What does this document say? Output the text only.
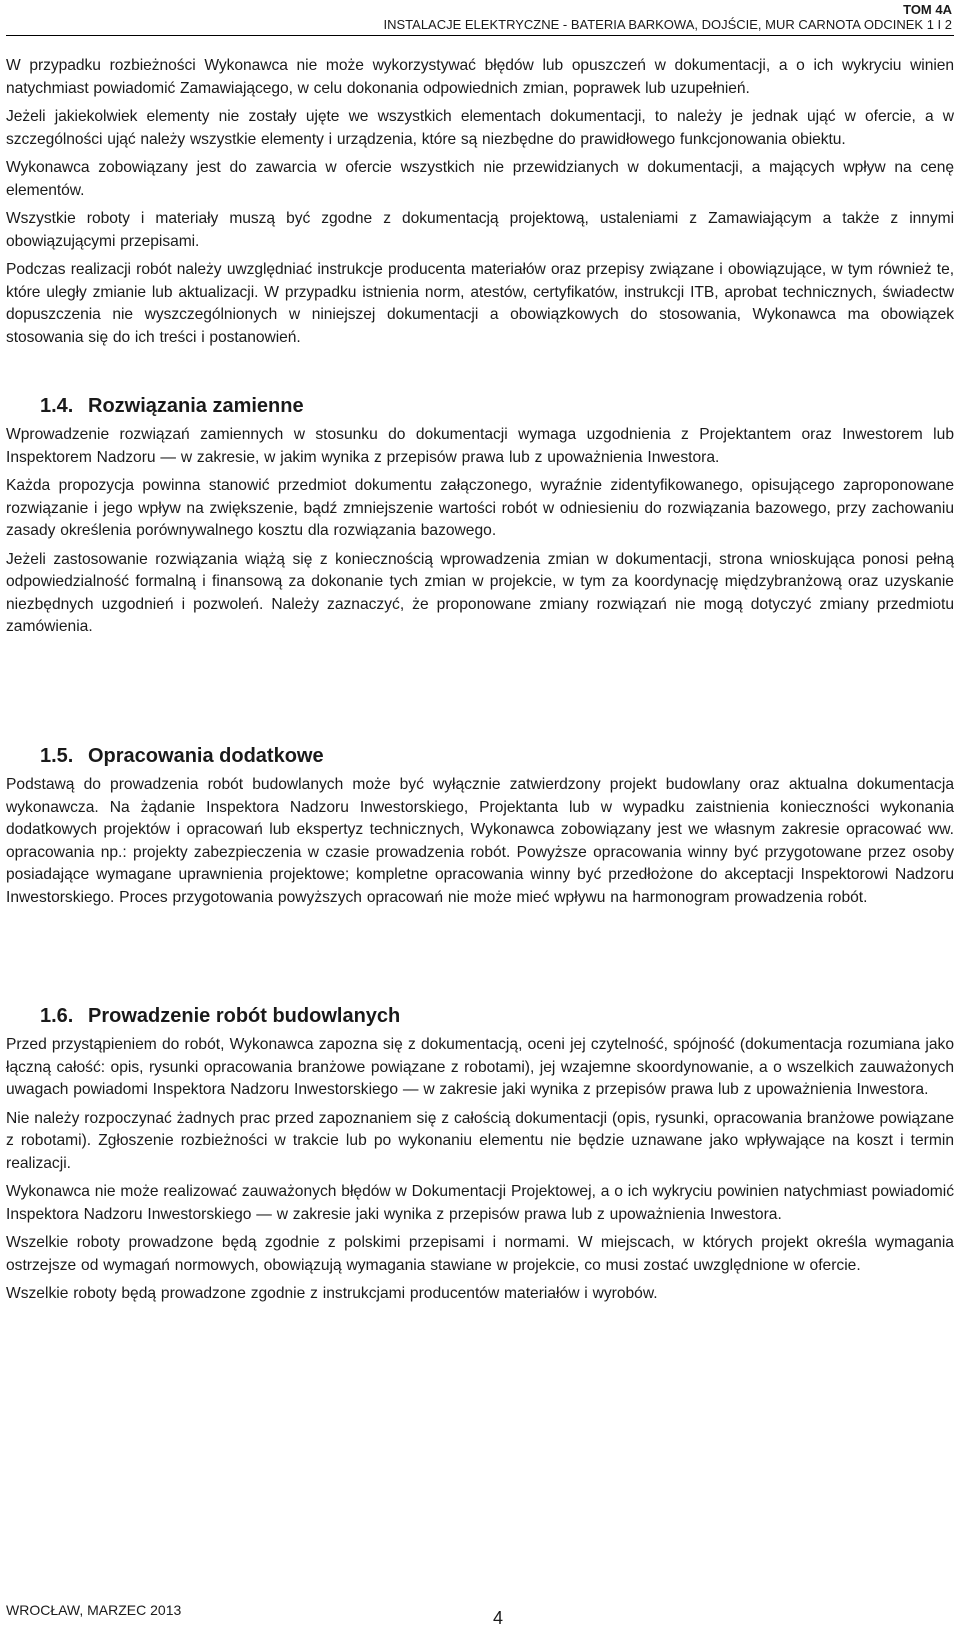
TOM 4A
INSTALACJE ELEKTRYCZNE - BATERIA BARKOWA, DOJŚCIE, MUR CARNOTA ODCINEK 1 I 2

W przypadku rozbieżności Wykonawca nie może wykorzystywać błędów lub opuszczeń w dokumentacji, a o ich wykryciu winien natychmiast powiadomić Zamawiającego, w celu dokonania odpowiednich zmian, poprawek lub uzupełnień.

Jeżeli jakiekolwiek elementy nie zostały ujęte we wszystkich elementach dokumentacji, to należy je jednak ująć w ofercie, a w szczególności ująć należy wszystkie elementy i urządzenia, które są niezbędne do prawidłowego funkcjonowania obiektu.

Wykonawca zobowiązany jest do zawarcia w ofercie wszystkich nie przewidzianych w dokumentacji, a mających wpływ na cenę elementów.

Wszystkie roboty i materiały muszą być zgodne z dokumentacją projektową, ustaleniami z Zamawiającym a także z innymi obowiązującymi przepisami.

Podczas realizacji robót należy uwzględniać instrukcje producenta materiałów oraz przepisy związane i obowiązujące, w tym również te, które uległy zmianie lub aktualizacji. W przypadku istnienia norm, atestów, certyfikatów, instrukcji ITB, aprobat technicznych, świadectw dopuszczenia nie wyszczególnionych w niniejszej dokumentacji a obowiązkowych do stosowania, Wykonawca ma obowiązek stosowania się do ich treści i postanowień.

1.4. Rozwiązania zamienne

Wprowadzenie rozwiązań zamiennych w stosunku do dokumentacji wymaga uzgodnienia z Projektantem oraz Inwestorem lub Inspektorem Nadzoru — w zakresie, w jakim wynika z przepisów prawa lub z upoważnienia Inwestora.

Każda propozycja powinna stanowić przedmiot dokumentu załączonego, wyraźnie zidentyfikowanego, opisującego zaproponowane rozwiązanie i jego wpływ na zwiększenie, bądź zmniejszenie wartości robót w odniesieniu do rozwiązania bazowego, przy zachowaniu zasady określenia porównywalnego kosztu dla rozwiązania bazowego.

Jeżeli zastosowanie rozwiązania wiążą się z koniecznością wprowadzenia zmian w dokumentacji, strona wnioskująca ponosi pełną odpowiedzialność formalną i finansową za dokonanie tych zmian w projekcie, w tym za koordynację międzybranżową oraz uzyskanie niezbędnych uzgodnień i pozwoleń. Należy zaznaczyć, że proponowane zmiany rozwiązań nie mogą dotyczyć zmiany przedmiotu zamówienia.

1.5. Opracowania dodatkowe

Podstawą do prowadzenia robót budowlanych może być wyłącznie zatwierdzony projekt budowlany oraz aktualna dokumentacja wykonawcza. Na żądanie Inspektora Nadzoru Inwestorskiego, Projektanta lub w wypadku zaistnienia konieczności wykonania dodatkowych projektów i opracowań lub ekspertyz technicznych, Wykonawca zobowiązany jest we własnym zakresie opracować ww. opracowania np.: projekty zabezpieczenia w czasie prowadzenia robót. Powyższe opracowania winny być przygotowane przez osoby posiadające wymagane uprawnienia projektowe; kompletne opracowania winny być przedłożone do akceptacji Inspektorowi Nadzoru Inwestorskiego. Proces przygotowania powyższych opracowań nie może mieć wpływu na harmonogram prowadzenia robót.

1.6. Prowadzenie robót budowlanych

Przed przystąpieniem do robót, Wykonawca zapozna się z dokumentacją, oceni jej czytelność, spójność (dokumentacja rozumiana jako łączną całość: opis, rysunki opracowania branżowe powiązane z robotami), jej wzajemne skoordynowanie, a o wszelkich zauważonych uwagach powiadomi Inspektora Nadzoru Inwestorskiego — w zakresie jaki wynika z przepisów prawa lub z upoważnienia Inwestora.

Nie należy rozpoczynać żadnych prac przed zapoznaniem się z całością dokumentacji (opis, rysunki, opracowania branżowe powiązane z robotami). Zgłoszenie rozbieżności w trakcie lub po wykonaniu elementu nie będzie uznawane jako wpływające na koszt i termin realizacji.

Wykonawca nie może realizować zauważonych błędów w Dokumentacji Projektowej, a o ich wykryciu powinien natychmiast powiadomić Inspektora Nadzoru Inwestorskiego — w zakresie jaki wynika z przepisów prawa lub z upoważnienia Inwestora.

Wszelkie roboty prowadzone będą zgodnie z polskimi przepisami i normami. W miejscach, w których projekt określa wymagania ostrzejsze od wymagań normowych, obowiązują wymagania stawiane w projekcie, co musi zostać uwzględnione w ofercie.

Wszelkie roboty będą prowadzone zgodnie z instrukcjami producentów materiałów i wyrobów.

WROCŁAW, MARZEC 2013	4
